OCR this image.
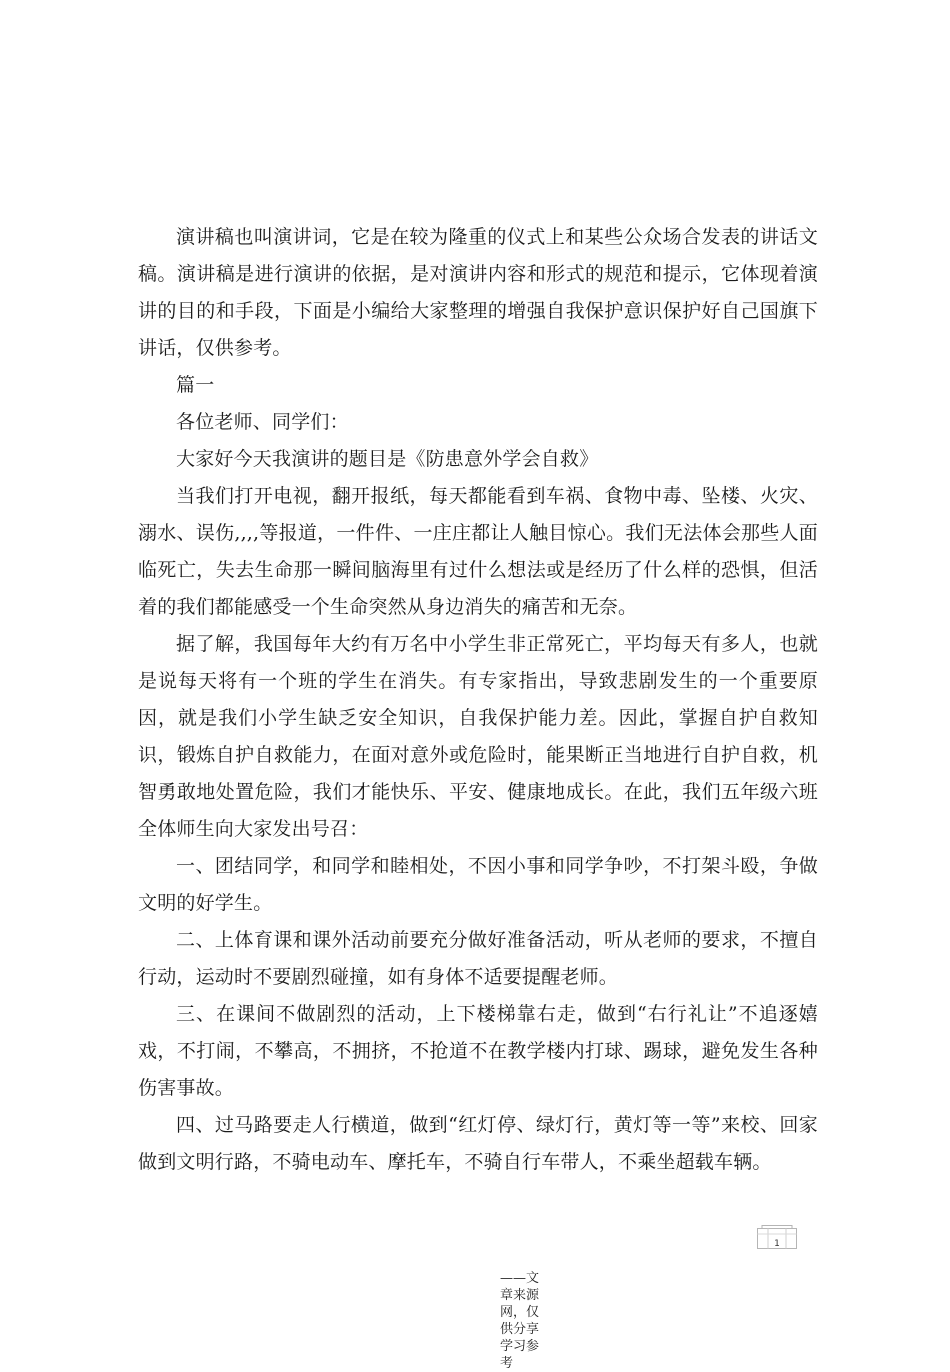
演讲稿也叫演讲词，它是在较为隆重的仪式上和某些公众场合发表的讲话文稿。演讲稿是进行演讲的依据，是对演讲内容和形式的规范和提示，它体现着演讲的目的和手段，下面是小编给大家整理的增强自我保护意识保护好自己国旗下讲话，仅供参考。

篇一

各位老师、同学们：

大家好今天我演讲的题目是《防患意外学会自救》

当我们打开电视，翻开报纸，每天都能看到车祸、食物中毒、坠楼、火灾、溺水、误伤,,,,等报道，一件件、一庄庄都让人触目惊心。我们无法体会那些人面临死亡，失去生命那一瞬间脑海里有过什么想法或是经历了什么样的恐惧，但活着的我们都能感受一个生命突然从身边消失的痛苦和无奈。

据了解，我国每年大约有万名中小学生非正常死亡，平均每天有多人，也就是说每天将有一个班的学生在消失。有专家指出，导致悲剧发生的一个重要原因，就是我们小学生缺乏安全知识，自我保护能力差。因此，掌握自护自救知识，锻炼自护自救能力，在面对意外或危险时，能果断正当地进行自护自救，机智勇敢地处置危险，我们才能快乐、平安、健康地成长。在此，我们五年级六班全体师生向大家发出号召：

一、团结同学，和同学和睦相处，不因小事和同学争吵，不打架斗殴，争做文明的好学生。

二、上体育课和课外活动前要充分做好准备活动，听从老师的要求，不擅自行动，运动时不要剧烈碰撞，如有身体不适要提醒老师。

三、在课间不做剧烈的活动，上下楼梯靠右走，做到“右行礼让”不追逐嬉戏，不打闹，不攀高，不拥挤，不抢道不在教学楼内打球、踢球，避免发生各种伤害事故。

四、过马路要走人行横道，做到“红灯停、绿灯行，黄灯等一等”来校、回家做到文明行路，不骑电动车、摩托车，不骑自行车带人，不乘坐超载车辆。

1
——文章来源网，仅供分享学习参考
